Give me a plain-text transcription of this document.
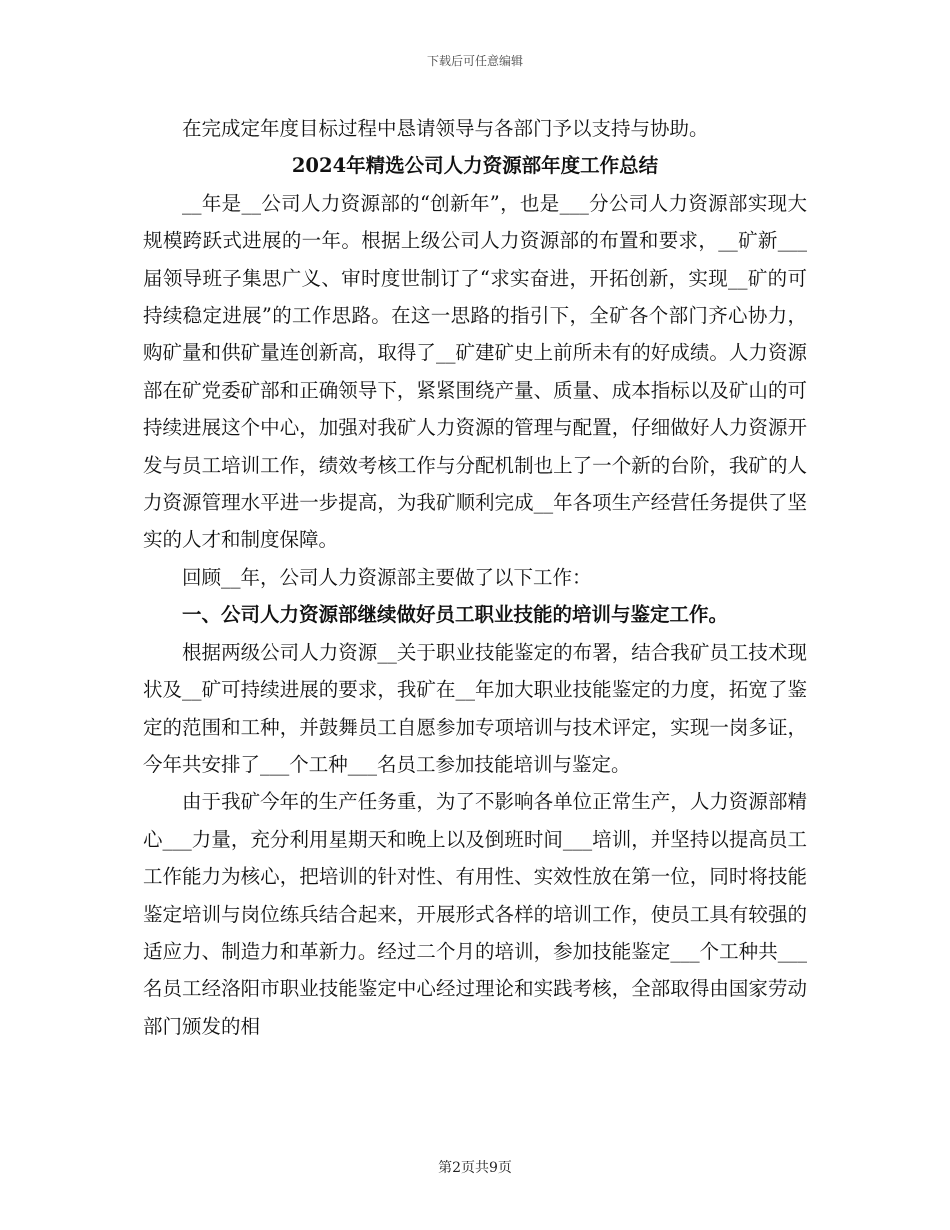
下载后可任意编辑

在完成定年度目标过程中恳请领导与各部门予以支持与协助。

2024年精选公司人力资源部年度工作总结

__年是__公司人力资源部的“创新年”，也是___分公司人力资源部实现大规模跨跃式进展的一年。根据上级公司人力资源部的布置和要求，__矿新___届领导班子集思广义、审时度世制订了“求实奋进，开拓创新，实现__矿的可持续稳定进展”的工作思路。在这一思路的指引下，全矿各个部门齐心协力，购矿量和供矿量连创新高，取得了__矿建矿史上前所未有的好成绩。人力资源部在矿党委矿部和正确领导下，紧紧围绕产量、质量、成本指标以及矿山的可持续进展这个中心，加强对我矿人力资源的管理与配置，仔细做好人力资源开发与员工培训工作，绩效考核工作与分配机制也上了一个新的台阶，我矿的人力资源管理水平进一步提高，为我矿顺利完成__年各项生产经营任务提供了坚实的人才和制度保障。

回顾__年，公司人力资源部主要做了以下工作：

一、公司人力资源部继续做好员工职业技能的培训与鉴定工作。

根据两级公司人力资源__关于职业技能鉴定的布署，结合我矿员工技术现状及__矿可持续进展的要求，我矿在__年加大职业技能鉴定的力度，拓宽了鉴定的范围和工种，并鼓舞员工自愿参加专项培训与技术评定，实现一岗多证，今年共安排了___个工种___名员工参加技能培训与鉴定。

由于我矿今年的生产任务重，为了不影响各单位正常生产，人力资源部精心___力量，充分利用星期天和晚上以及倒班时间___培训，并坚持以提高员工工作能力为核心，把培训的针对性、有用性、实效性放在第一位，同时将技能鉴定培训与岗位练兵结合起来，开展形式各样的培训工作，使员工具有较强的适应力、制造力和革新力。经过二个月的培训，参加技能鉴定___个工种共___名员工经洛阳市职业技能鉴定中心经过理论和实践考核，全部取得由国家劳动部门颁发的相

第2页共9页
